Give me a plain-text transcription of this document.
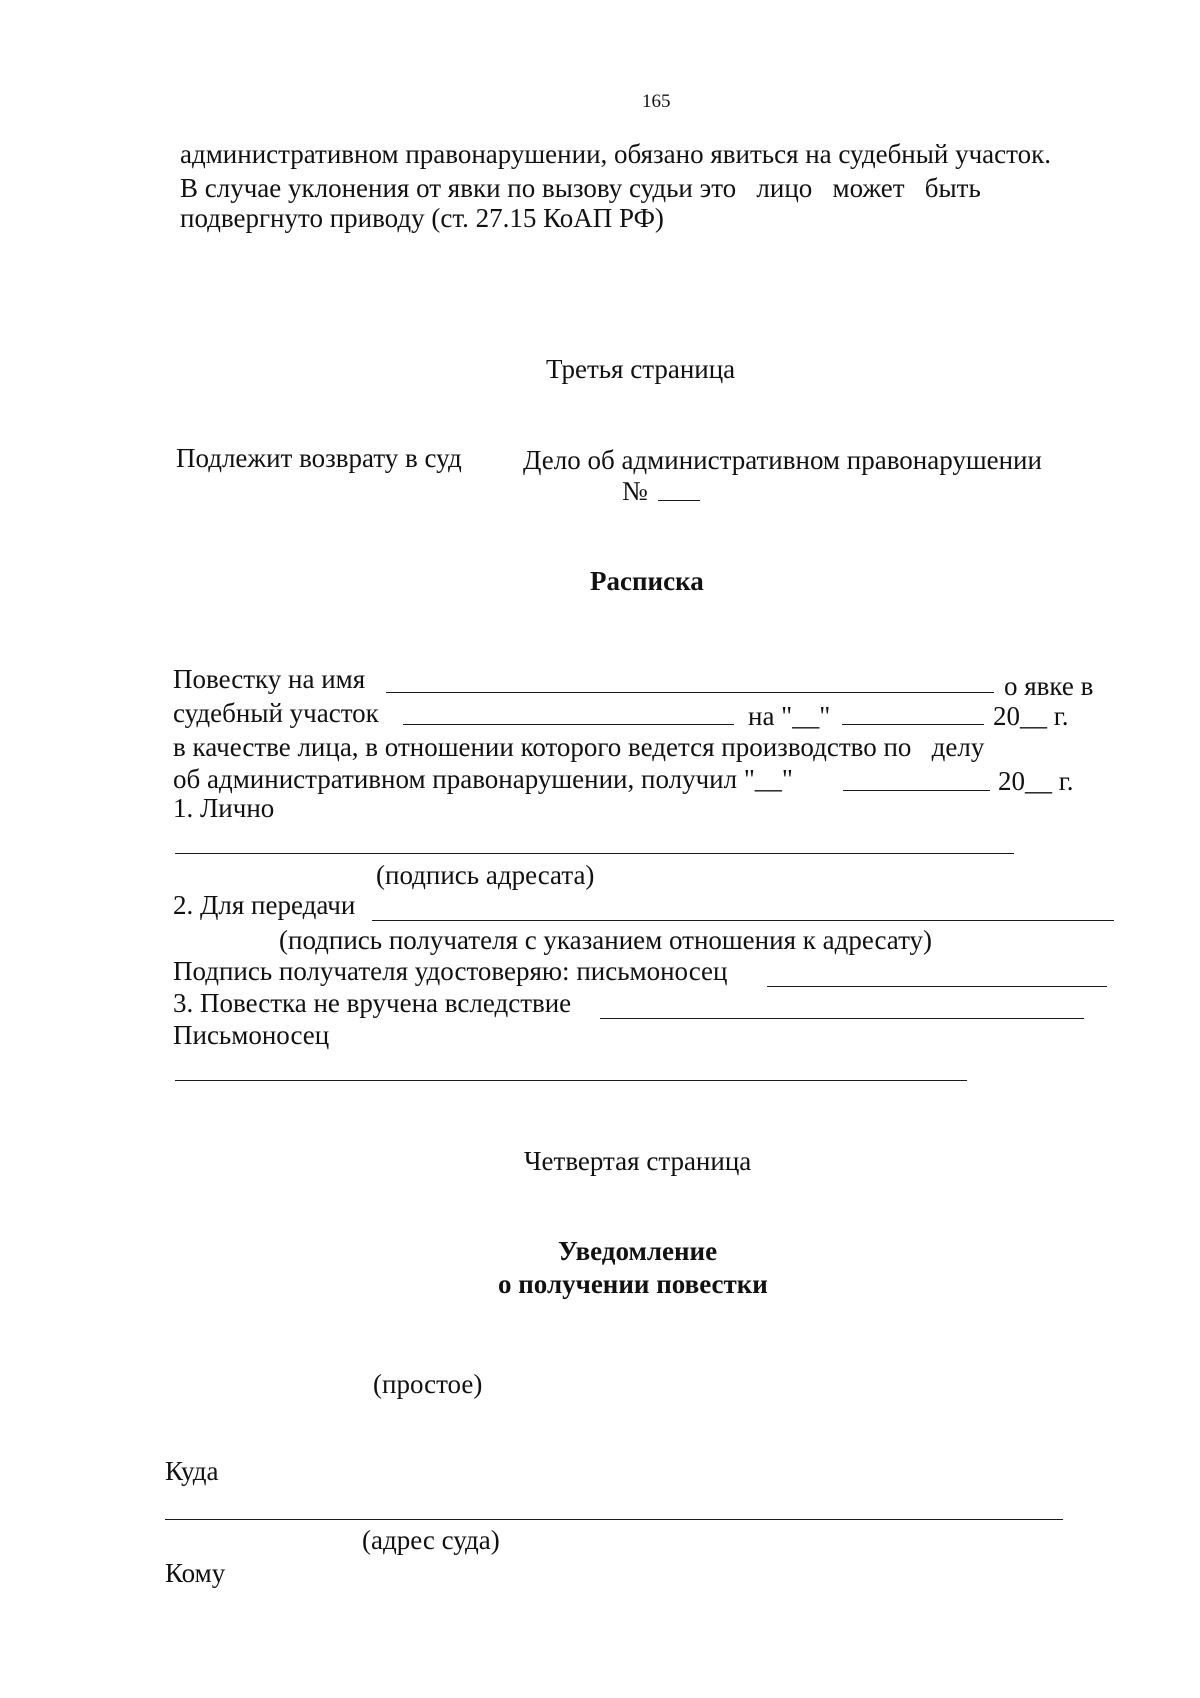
165
административном правонарушении, обязано явиться на судебный участок.
В случае уклонения от явки по вызову судьи это   лицо   может   быть
подвергнуто приводу (ст. 27.15 КоАП РФ)
Третья страница
Подлежит возврату в суд Дело об административном правонарушении
№
Расписка
Повестку на имя	о явке в
судебный участок	на "__"	20__ г.
в качестве лица, в отношении которого ведется производство по   делу
об административном правонарушении, получил "__"	20__ г.
1. Лично
(подпись адресата)
2. Для передачи
(подпись получателя с указанием отношения к адресату)
Подпись получателя удостоверяю: письмоносец
3. Повестка не вручена вследствие
Письмоносец
Четвертая страница
Уведомление
о получении повестки
(простое)
Куда
(адрес суда)
Кому
